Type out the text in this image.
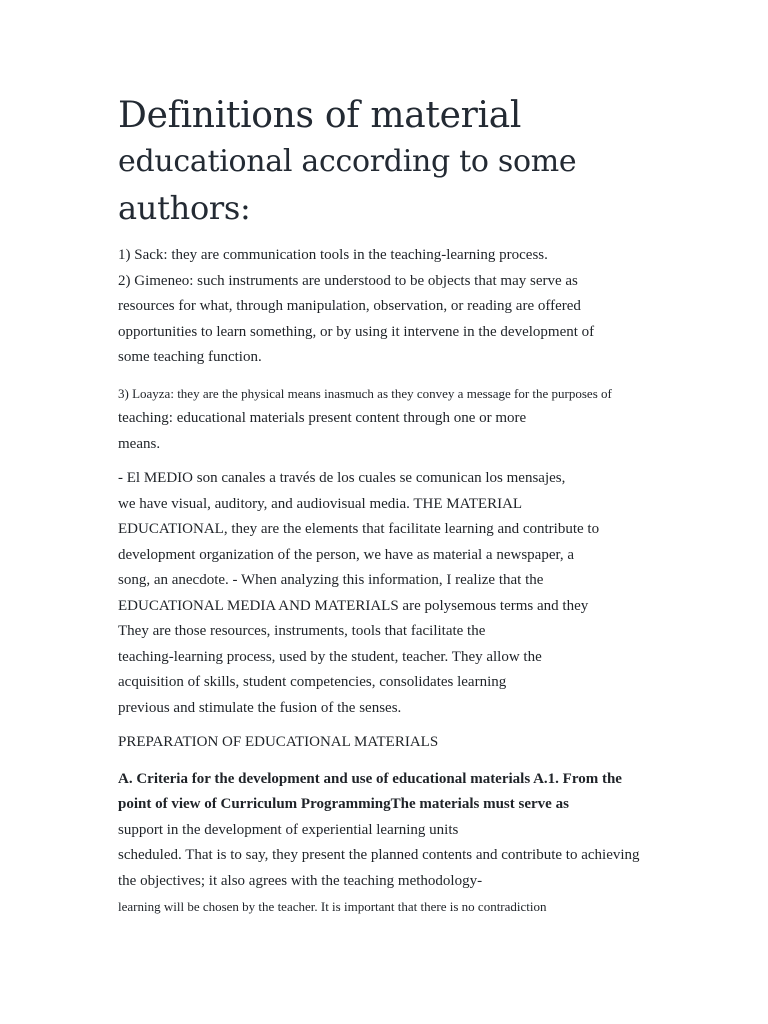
Definitions of material
educational according to some
authors:
1) Sack: they are communication tools in the teaching-learning process.
2) Gimeneo: such instruments are understood to be objects that may serve as
resources for what, through manipulation, observation, or reading are offered
opportunities to learn something, or by using it intervene in the development of
some teaching function.
3) Loayza: they are the physical means inasmuch as they convey a message for the purposes of
teaching: educational materials present content through one or more
means.
- El MEDIO son canales a través de los cuales se comunican los mensajes,
we have visual, auditory, and audiovisual media. THE MATERIAL
EDUCATIONAL, they are the elements that facilitate learning and contribute to
development organization of the person, we have as material a newspaper, a
song, an anecdote. - When analyzing this information, I realize that the
EDUCATIONAL MEDIA AND MATERIALS are polysemous terms and they
They are those resources, instruments, tools that facilitate the
teaching-learning process, used by the student, teacher. They allow the
acquisition of skills, student competencies, consolidates learning
previous and stimulate the fusion of the senses.
PREPARATION OF EDUCATIONAL MATERIALS
A. Criteria for the development and use of educational materials A.1. From the
point of view of Curriculum ProgrammingThe materials must serve as
support in the development of experiential learning units
scheduled. That is to say, they present the planned contents and contribute to achieving
the objectives; it also agrees with the teaching methodology-
learning will be chosen by the teacher. It is important that there is no contradiction
